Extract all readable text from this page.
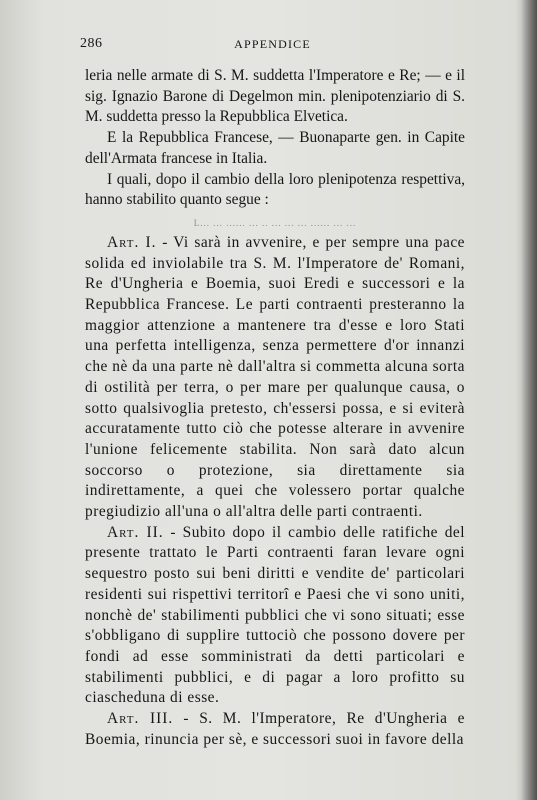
286	APPENDICE

leria nelle armate di S. M. suddetta l'Imperatore e Re; — e il sig. Ignazio Barone di Degelmon min. plenipotenziario di S. M. suddetta presso la Repubblica Elvetica.

E la Repubblica Francese, — Buonaparte gen. in Capite dell'Armata francese in Italia.

I quali, dopo il cambio della loro plenipotenza respettiva, hanno stabilito quanto segue :

L... ... ...... ... .. ... ... ... ...... ... ...

Art. I. - Vi sarà in avvenire, e per sempre una pace solida ed inviolabile tra S. M. l'Imperatore de' Romani, Re d'Ungheria e Boemia, suoi Eredi e successori e la Repubblica Francese. Le parti contraenti presteranno la maggior attenzione a mantenere tra d'esse e loro Stati una perfetta intelligenza, senza permettere d'or innanzi che nè da una parte nè dall'altra si commetta alcuna sorta di ostilità per terra, o per mare per qualunque causa, o sotto qualsivoglia pretesto, ch'essersi possa, e si eviterà accuratamente tutto ciò che potesse alterare in avvenire l'unione felicemente stabilita. Non sarà dato alcun soccorso o protezione, sia direttamente sia indirettamente, a quei che volessero portar qualche pregiudizio all'una o all'altra delle parti contraenti.

Art. II. - Subito dopo il cambio delle ratifiche del presente trattato le Parti contraenti faran levare ogni sequestro posto sui beni diritti e vendite de' particolari residenti sui rispettivi territorî e Paesi che vi sono uniti, nonchè de' stabilimenti pubblici che vi sono situati; esse s'obbligano di supplire tuttociò che possono dovere per fondi ad esse somministrati da detti particolari e stabilimenti pubblici, e di pagar a loro profitto su ciascheduna di esse.

Art. III. - S. M. l'Imperatore, Re d'Ungheria e Boemia, rinuncia per sè, e successori suoi in favore della
